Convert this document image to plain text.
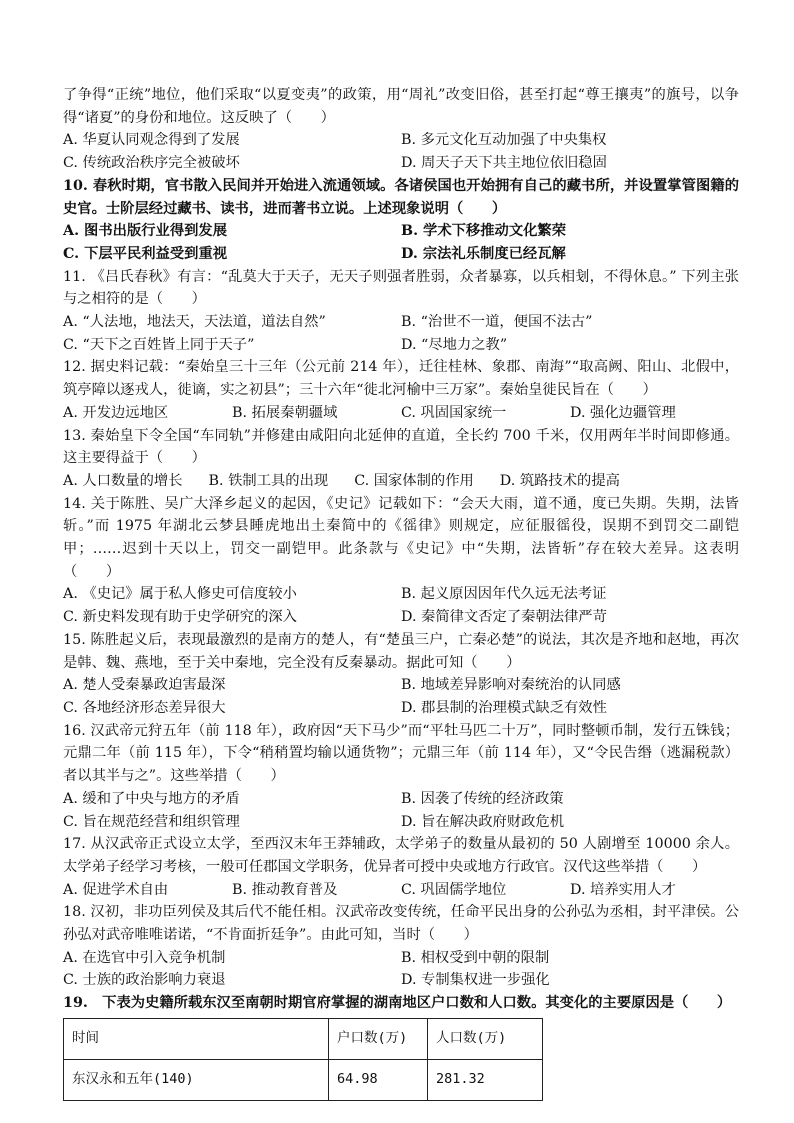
了争得“正统”地位，他们采取“以夏变夷”的政策，用“周礼”改变旧俗，甚至打起“尊王攘夷”的旗号，以争得“诸夏”的身份和地位。这反映了（　　）

A. 华夏认同观念得到了发展	B. 多元文化互动加强了中央集权
C. 传统政治秩序完全被破坏	D. 周天子天下共主地位依旧稳固

10. 春秋时期，官书散入民间并开始进入流通领域。各诸侯国也开始拥有自己的藏书所，并设置掌管图籍的史官。士阶层经过藏书、读书，进而著书立说。上述现象说明（　　）

A. 图书出版行业得到发展	B. 学术下移推动文化繁荣
C. 下层平民利益受到重视	D. 宗法礼乐制度已经瓦解

11. 《吕氏春秋》有言：“乱莫大于天子，无天子则强者胜弱，众者暴寡，以兵相刬，不得休息。” 下列主张与之相符的是（　　）

A. “人法地，地法天，天法道，道法自然”	B. “治世不一道，便国不法古”
C. “天下之百姓皆上同于天子”	D. “尽地力之教”

12. 据史料记载：“秦始皇三十三年（公元前 214 年），迁往桂林、象郡、南海”“取高阙、阳山、北假中，筑亭障以逐戎人，徙谪，实之初县”；三十六年“徙北河榆中三万家”。秦始皇徙民旨在（　　）

A. 开发边远地区	B. 拓展秦朝疆域	C. 巩固国家统一	D. 强化边疆管理

13. 秦始皇下令全国“车同轨”并修建由咸阳向北延伸的直道，全长约 700 千米，仅用两年半时间即修通。这主要得益于（　　）

A. 人口数量的增长 B. 铁制工具的出现 C. 国家体制的作用 D. 筑路技术的提高

14. 关于陈胜、吴广大泽乡起义的起因，《史记》记载如下：“会天大雨，道不通，度已失期。失期，法皆斩。”而 1975 年湖北云梦县睡虎地出土秦简中的《徭律》则规定，应征服徭役，误期不到罚交二副铠甲；……迟到十天以上，罚交一副铠甲。此条款与《史记》中“失期，法皆斩”存在较大差异。这表明（　　）

A. 《史记》属于私人修史可信度较小	B. 起义原因因年代久远无法考证
C. 新史料发现有助于史学研究的深入	D. 秦简律文否定了秦朝法律严苛

15. 陈胜起义后，表现最激烈的是南方的楚人，有“楚虽三户，亡秦必楚”的说法，其次是齐地和赵地，再次是韩、魏、燕地，至于关中秦地，完全没有反秦暴动。据此可知（　　）

A. 楚人受秦暴政迫害最深	B. 地域差异影响对秦统治的认同感
C. 各地经济形态差异很大	D. 郡县制的治理模式缺乏有效性

16. 汉武帝元狩五年（前 118 年），政府因“天下马少”而“平牡马匹二十万”，同时整顿币制，发行五铢钱；元鼎二年（前 115 年），下令“稍稍置均输以通货物”；元鼎三年（前 114 年），又“令民告缗（逃漏税款）者以其半与之”。这些举措（　　）

A. 缓和了中央与地方的矛盾	B. 因袭了传统的经济政策
C. 旨在规范经营和组织管理	D. 旨在解决政府财政危机

17. 从汉武帝正式设立太学，至西汉末年王莽辅政，太学弟子的数量从最初的 50 人剧增至 10000 余人。太学弟子经学习考核，一般可任郡国文学职务，优异者可授中央或地方行政官。汉代这些举措（　　）

A. 促进学术自由	B. 推动教育普及	C. 巩固儒学地位	D. 培养实用人才

18. 汉初，非功臣列侯及其后代不能任相。汉武帝改变传统，任命平民出身的公孙弘为丞相，封平津侯。公孙弘对武帝唯唯诺诺，“不肯面折廷争”。由此可知，当时（　　）

A. 在选官中引入竞争机制	B. 相权受到中朝的限制
C. 士族的政治影响力衰退	D. 专制集权进一步强化

19.　下表为史籍所载东汉至南朝时期官府掌握的湖南地区户口数和人口数。其变化的主要原因是（　　）

时间	户口数(万)	人口数(万)
东汉永和五年(140)	64.98	281.32
